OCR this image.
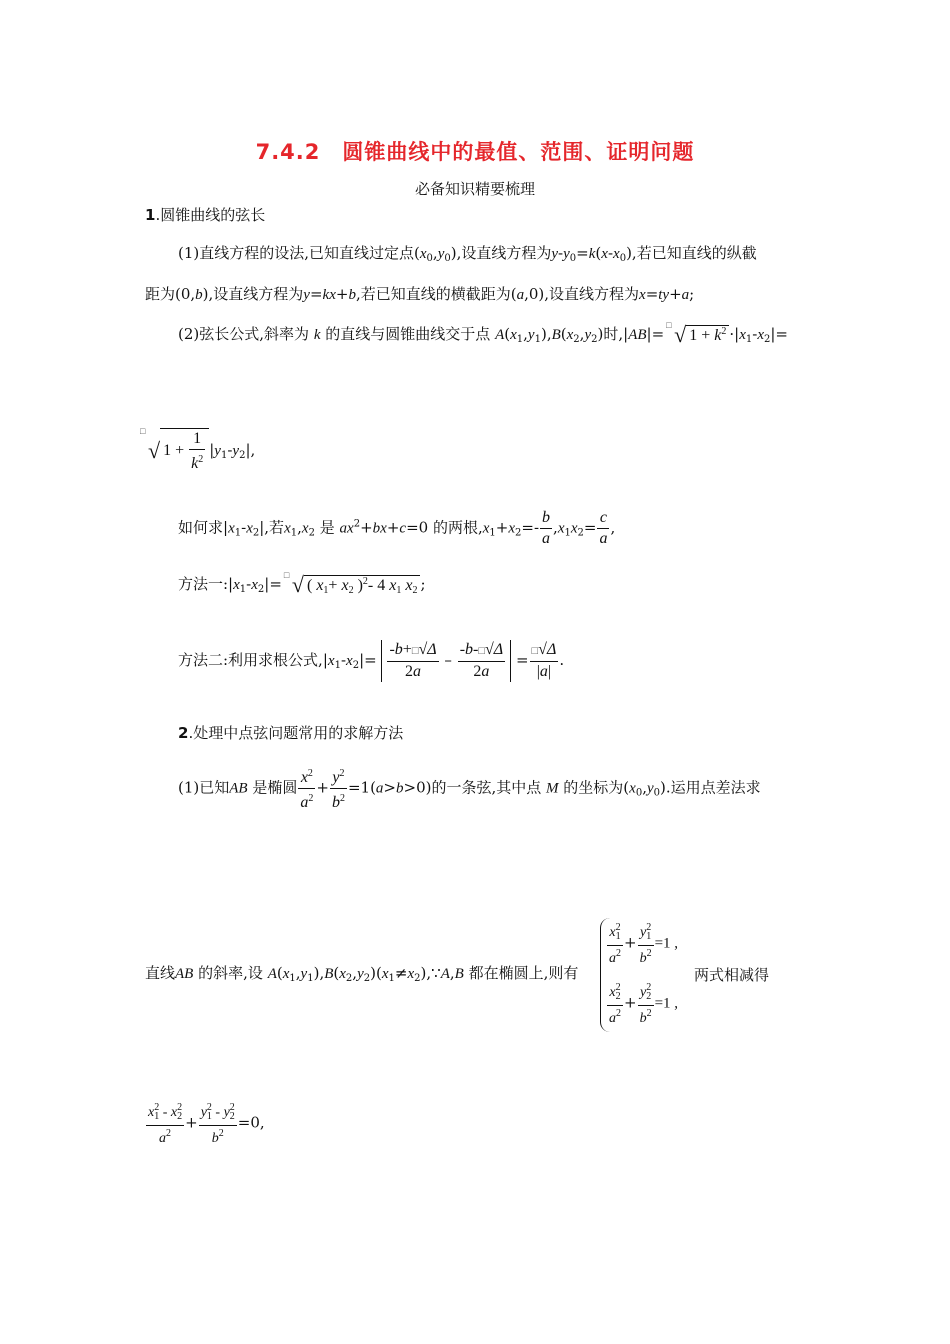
7.4.2　圆锥曲线中的最值、范围、证明问题
必备知识精要梳理
1.圆锥曲线的弦长
(1)直线方程的设法,已知直线过定点$(x_0,y_0)$,设直线方程为$y-y_0=k(x-x_0)$,若已知直线的纵截
距为(0,b),设直线方程为y=kx+b,若已知直线的横截距为(a,0),设直线方程为x=ty+a;
(2)弦长公式,斜率为 k 的直线与圆锥曲线交于点 $A(x_1,y_1),B(x_2,y_2)$时,|AB|= □ √ $1 + k^2 \cdot|x_1-x_2|=$
□
√ $1 + \frac{1}{k^2} |y_1-y_2|$,
如何求$|x_1-x_2|$,若$x_1,x_2$ 是 $ax^2+bx+c=0$ 的两根$,x_1+x_2=- \frac{b}{a} ,x_1x_2= \frac{c}{a}$ ,
方法一$:|x_1-x_2|=$ □ √ ( $x_1+ x_2$ )$^2$- 4 $x_1$ $x_2$ ;
方法二:利用求根公式$,|x_1-x_2|= \frac{-b+□√\Delta}{2a} - \frac{-b-□√\Delta}{2a} = \frac{□√\Delta}{|a|}$ .
2.处理中点弦问题常用的求解方法
(1)已知AB 是椭圆 $\frac{x^2}{a^2} + \frac{y^2}{b^2} =1(a>b>0)$的一条弦,其中点 M 的坐标为$(x_0,y_0)$.运用点差法求
直线AB 的斜率,设 $A(x_1,y_1),B(x_2,y_2)(x_1\ne x_2),\because A,B$ 都在椭圆上,则有
$\frac{x^2_1}{a^2} + \frac{y^2_1}{b^2} =1$ ,
$\frac{x^2_2}{a^2} + \frac{y^2_2}{b^2} =1$ ,
两式相减得
$\frac{x^2_1 - x^2_2}{a^2} + \frac{y^2_1 - y^2_2}{b^2} =0$,
